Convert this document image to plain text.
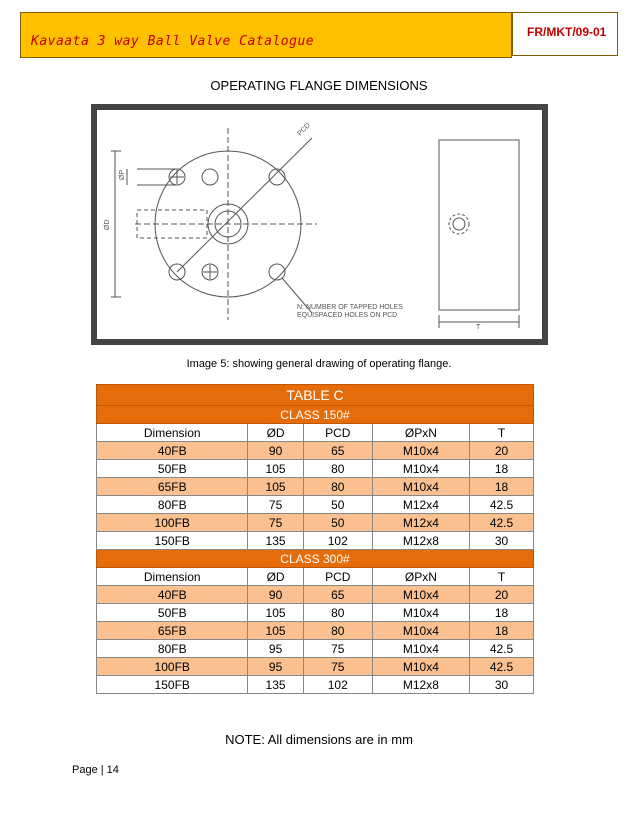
Kavaata 3 way Ball Valve Catalogue
FR/MKT/09-01
OPERATING FLANGE DIMENSIONS
PCD
ØD
ØP
N: NUMBER OF TAPPED HOLES
EQUISPACED HOLES ON PCD
T
Image 5: showing general drawing of operating flange.
TABLE C				
CLASS 150#				
Dimension	ØD	PCD	ØPxN	T
40FB	90	65	M10x4	20
50FB	105	80	M10x4	18
65FB	105	80	M10x4	18
80FB	75	50	M12x4	42.5
100FB	75	50	M12x4	42.5
150FB	135	102	M12x8	30
CLASS 300#				
Dimension	ØD	PCD	ØPxN	T
40FB	90	65	M10x4	20
50FB	105	80	M10x4	18
65FB	105	80	M10x4	18
80FB	95	75	M10x4	42.5
100FB	95	75	M10x4	42.5
150FB	135	102	M12x8	30
NOTE: All dimensions are in mm
Page | 14
